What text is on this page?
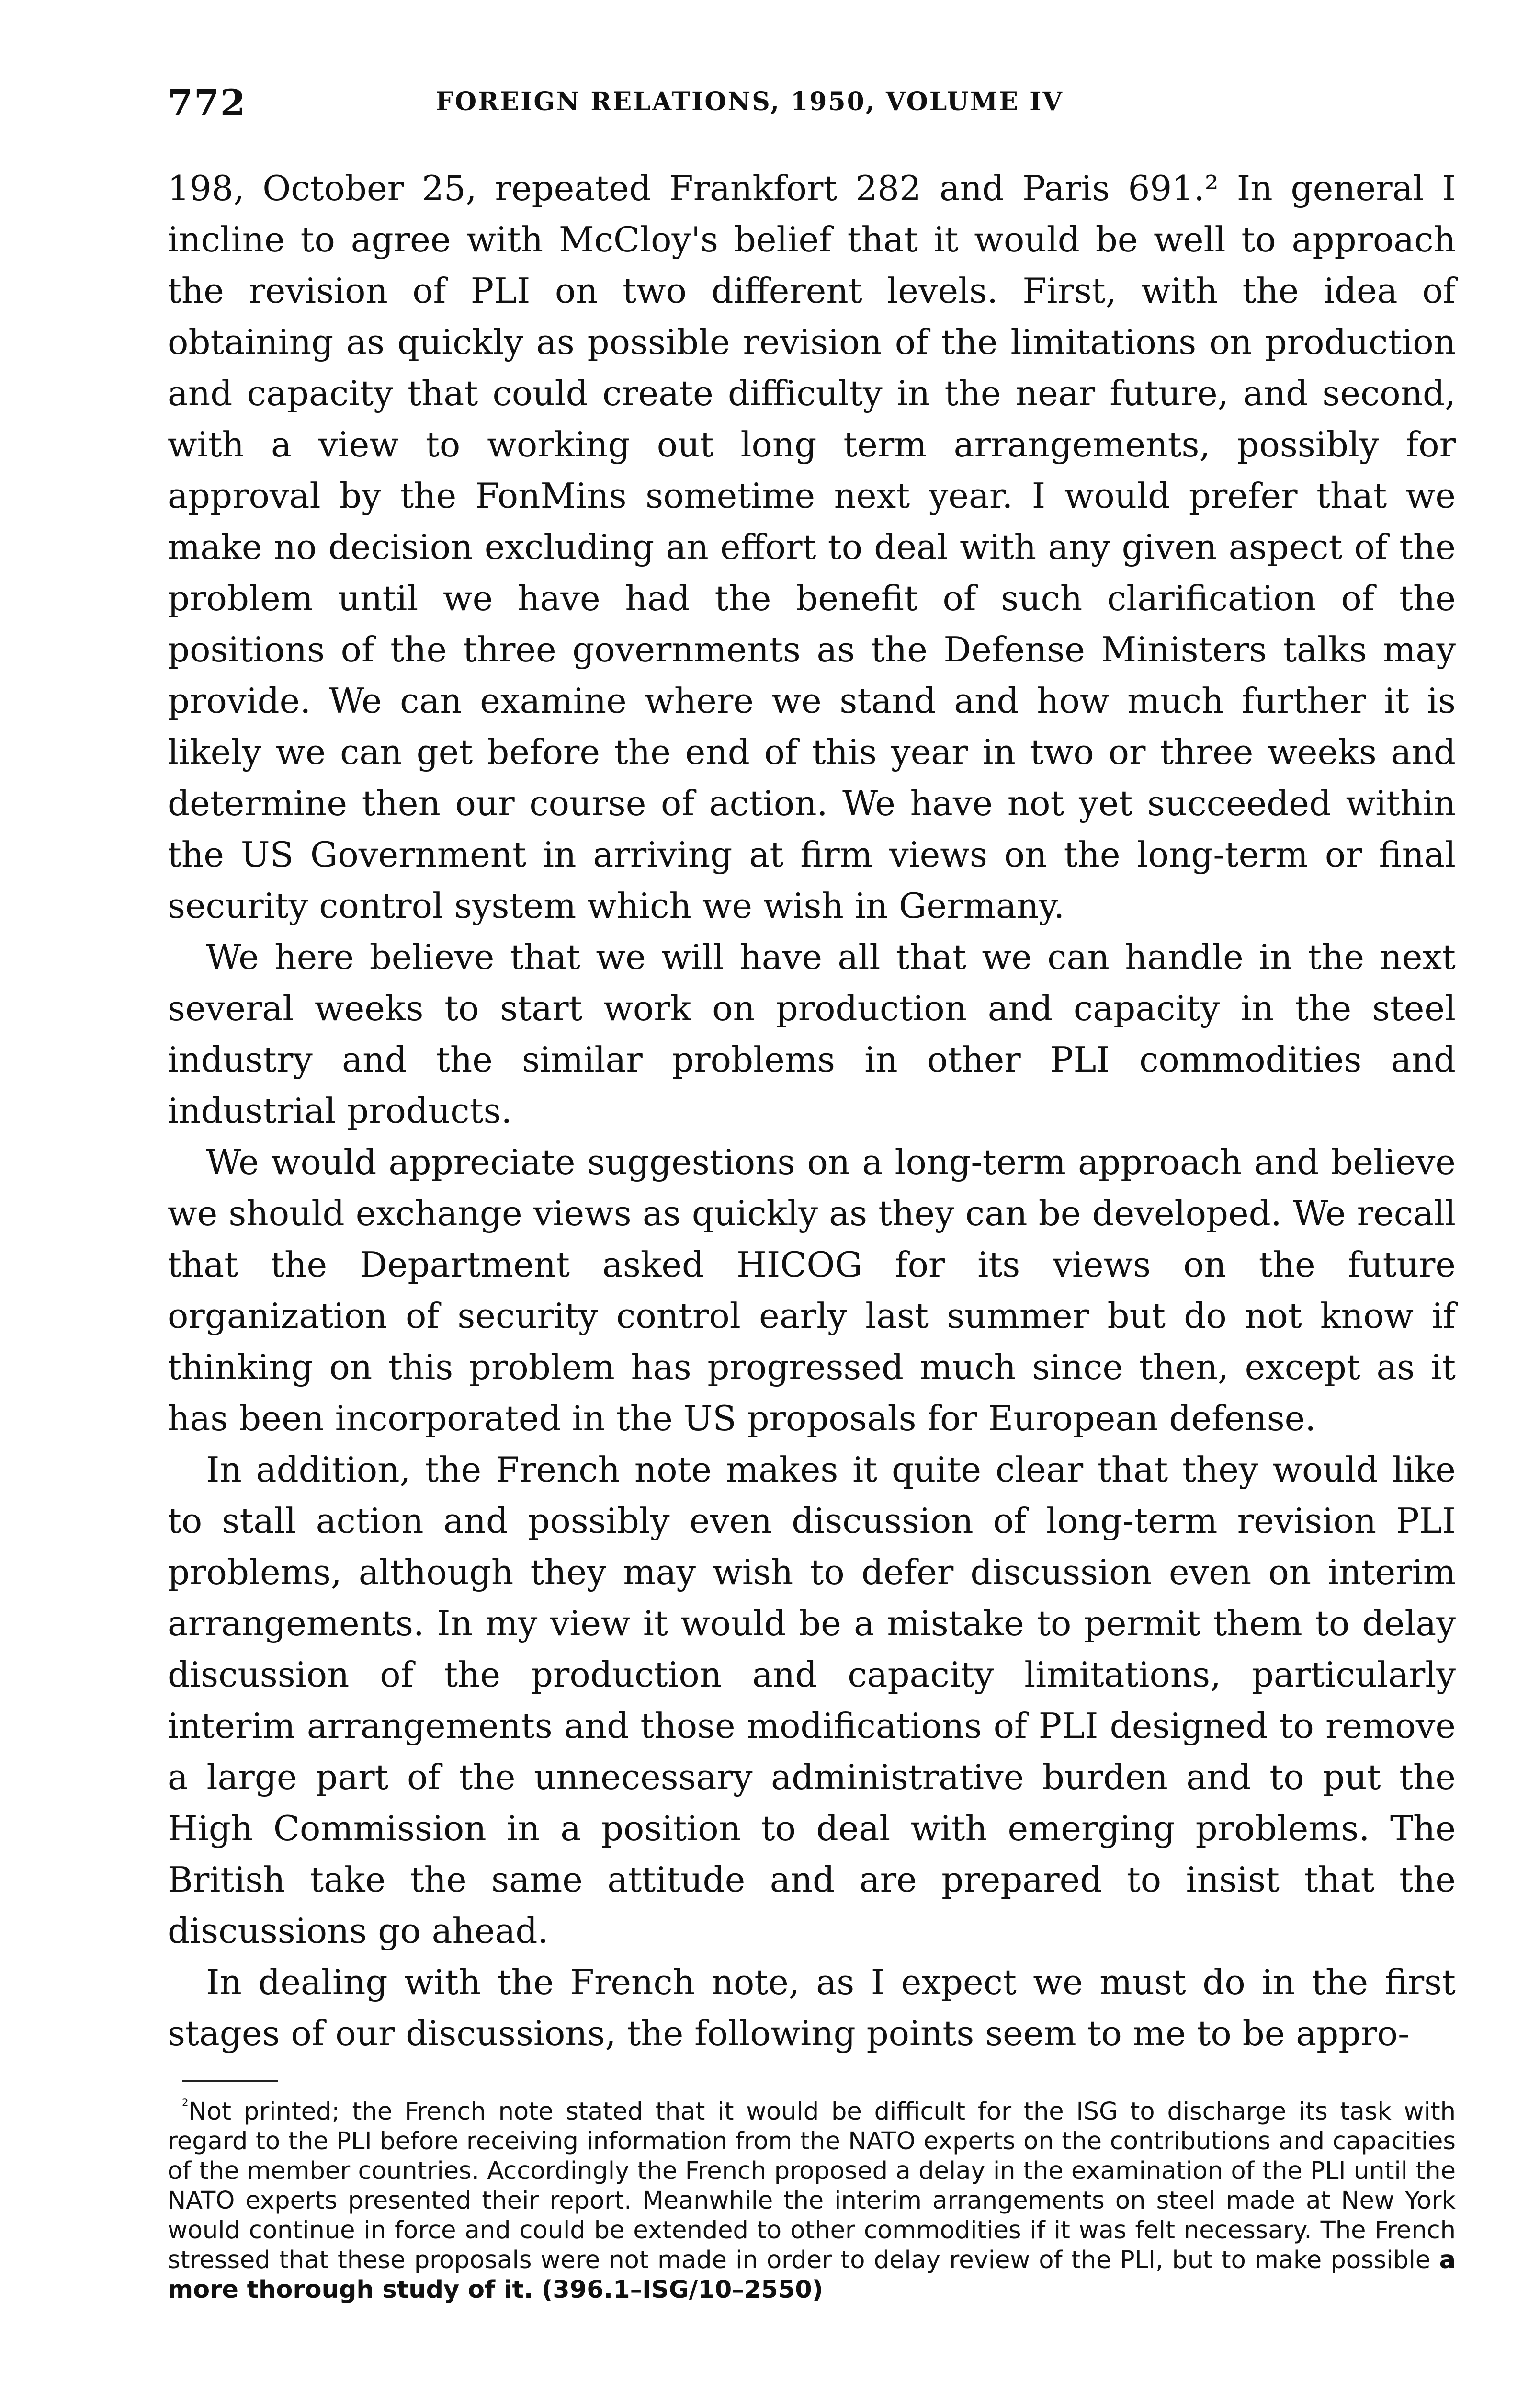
772	FOREIGN RELATIONS, 1950, VOLUME IV

198, October 25, repeated Frankfort 282 and Paris 691.² In general I incline to agree with McCloy's belief that it would be well to approach the revision of PLI on two different levels. First, with the idea of obtaining as quickly as possible revision of the limitations on production and capacity that could create difficulty in the near future, and second, with a view to working out long term arrangements, possibly for approval by the FonMins sometime next year. I would prefer that we make no decision excluding an effort to deal with any given aspect of the problem until we have had the benefit of such clarification of the positions of the three governments as the Defense Ministers talks may provide. We can examine where we stand and how much further it is likely we can get before the end of this year in two or three weeks and determine then our course of action. We have not yet succeeded within the US Government in arriving at firm views on the long-term or final security control system which we wish in Germany.

We here believe that we will have all that we can handle in the next several weeks to start work on production and capacity in the steel industry and the similar problems in other PLI commodities and industrial products.

We would appreciate suggestions on a long-term approach and believe we should exchange views as quickly as they can be developed. We recall that the Department asked HICOG for its views on the future organization of security control early last summer but do not know if thinking on this problem has progressed much since then, except as it has been incorporated in the US proposals for European defense.

In addition, the French note makes it quite clear that they would like to stall action and possibly even discussion of long-term revision PLI problems, although they may wish to defer discussion even on interim arrangements. In my view it would be a mistake to permit them to delay discussion of the production and capacity limitations, particularly interim arrangements and those modifications of PLI designed to remove a large part of the unnecessary administrative burden and to put the High Commission in a position to deal with emerging problems. The British take the same attitude and are prepared to insist that the discussions go ahead.

In dealing with the French note, as I expect we must do in the first stages of our discussions, the following points seem to me to be appro-

$^{^2}$Not printed; the French note stated that it would be difficult for the ISG to discharge its task with regard to the PLI before receiving information from the NATO experts on the contributions and capacities of the member countries. Accordingly the French proposed a delay in the examination of the PLI until the NATO experts presented their report. Meanwhile the interim arrangements on steel made at New York would continue in force and could be extended to other commodities if it was felt necessary. The French stressed that these proposals were not made in order to delay review of the PLI, but to make possible a more thorough study of it. (396.1–ISG/10–2550)
